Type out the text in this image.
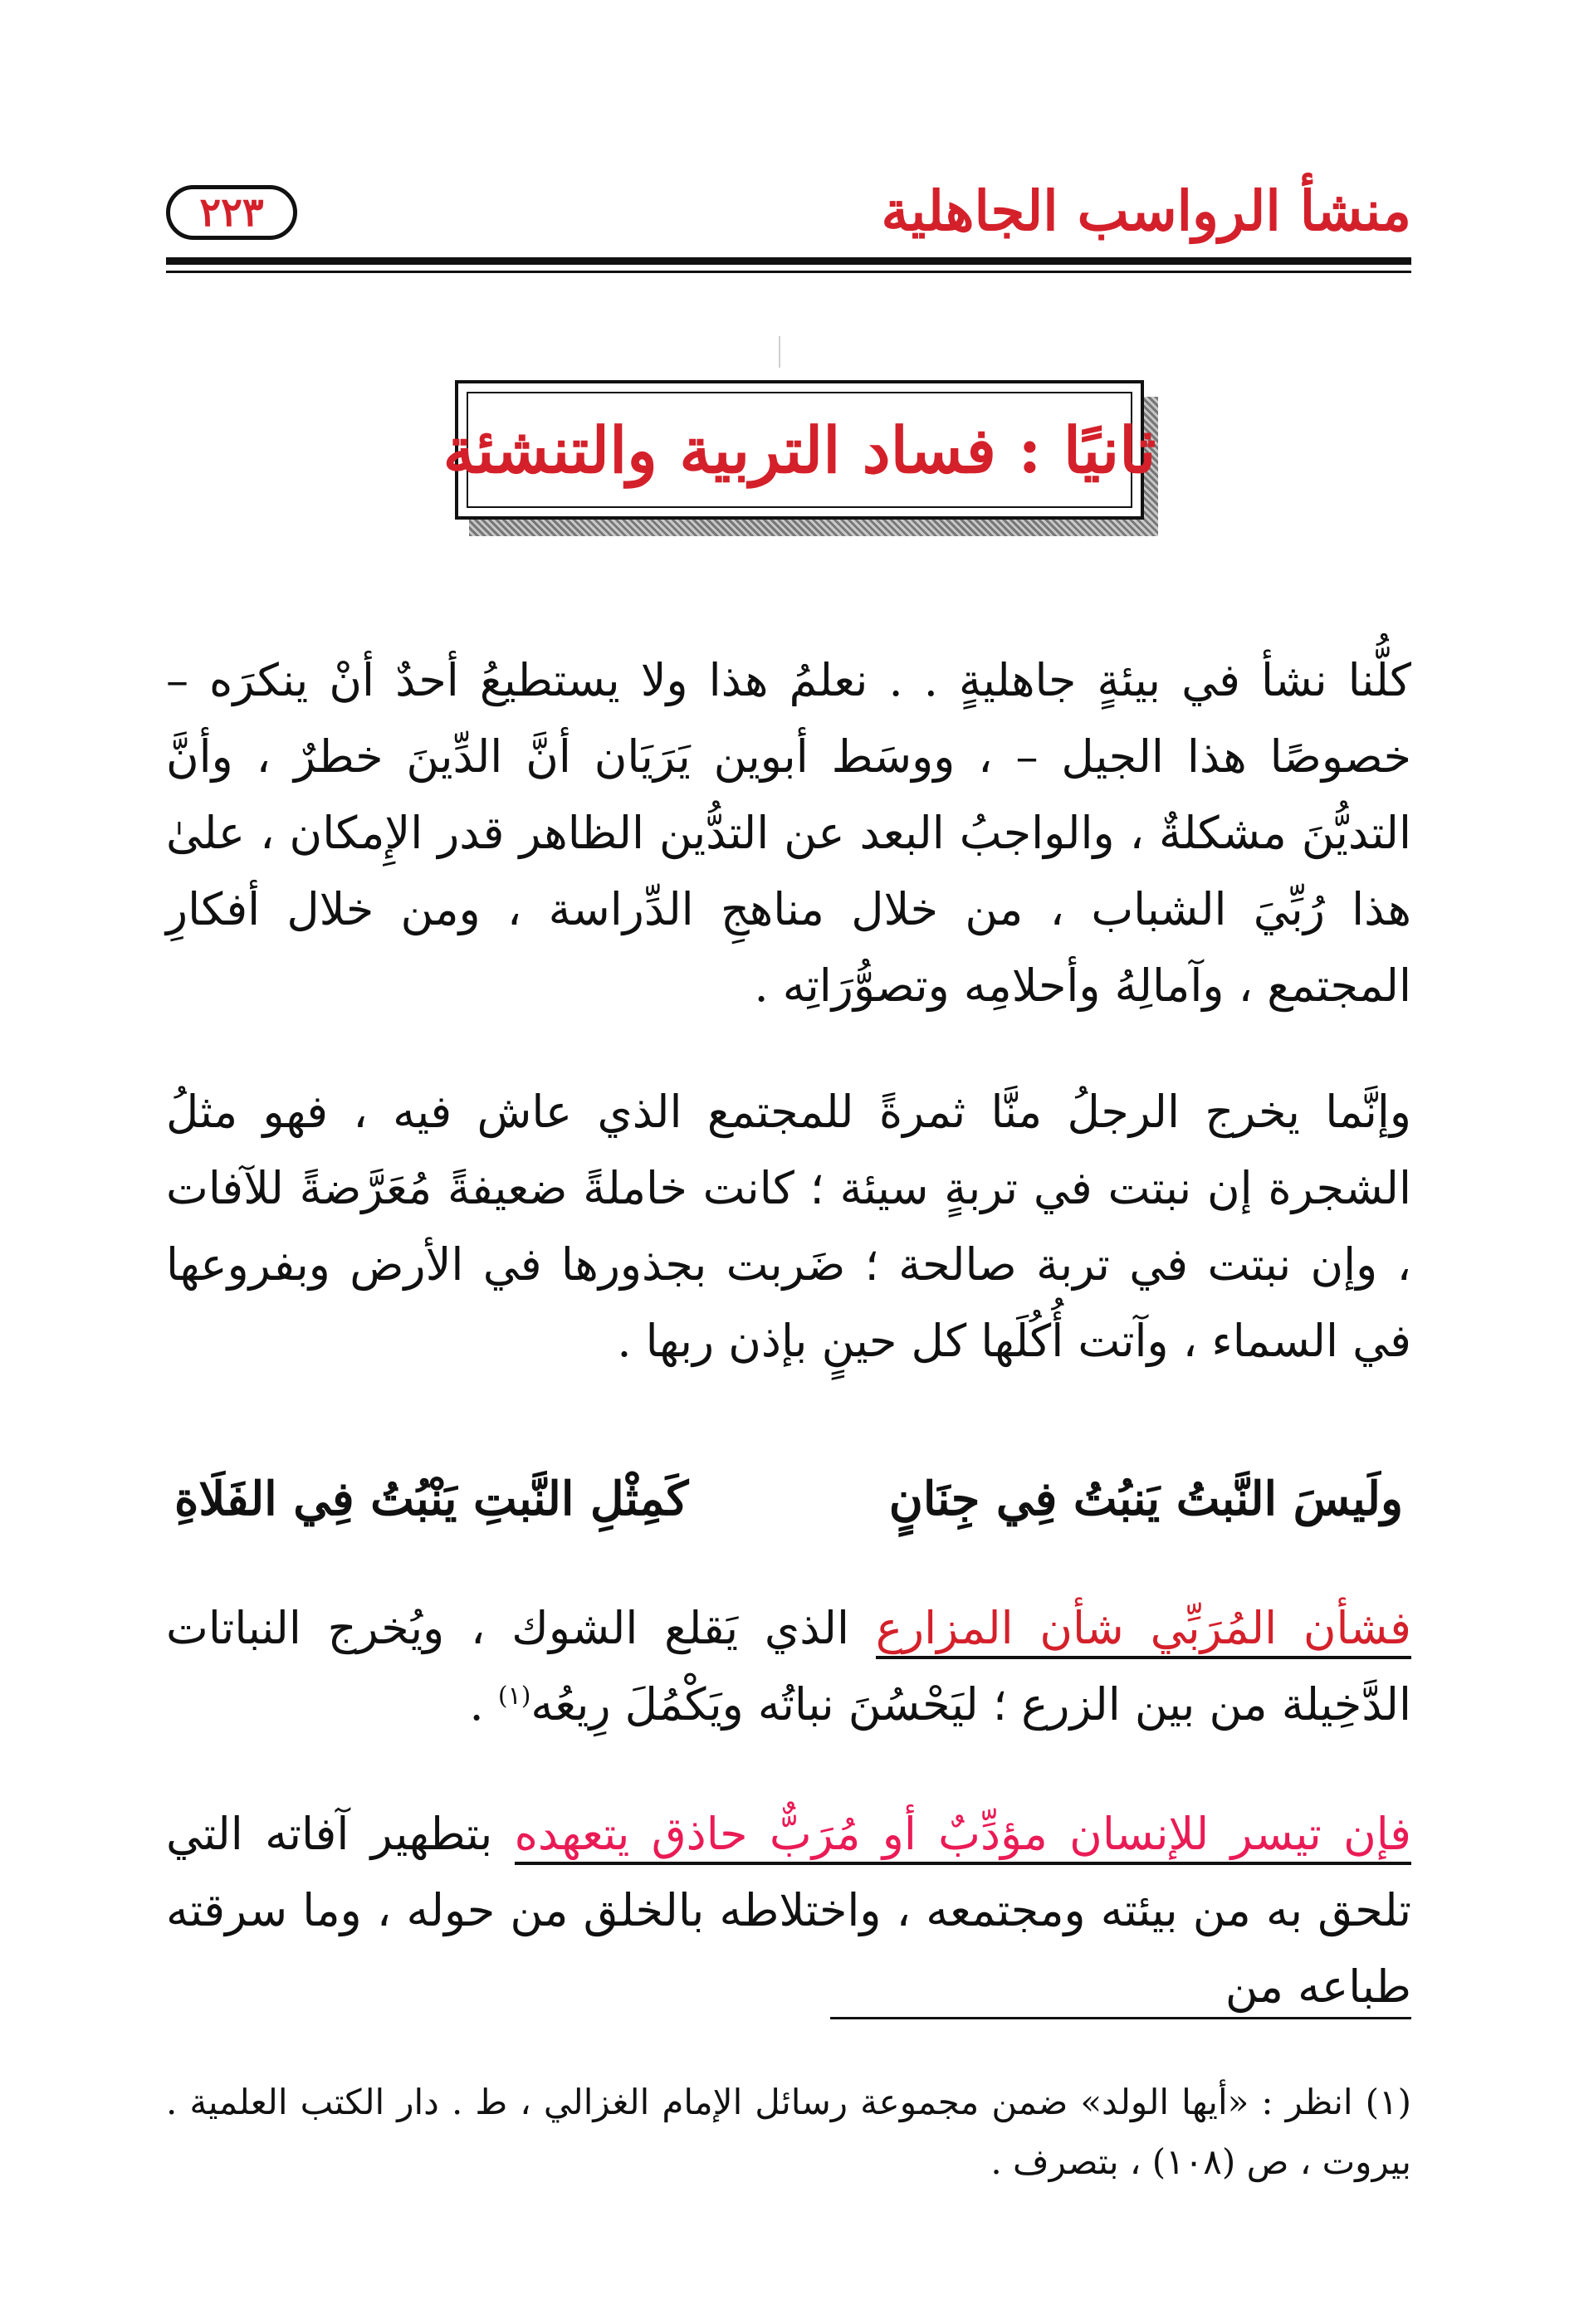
منشأ الرواسب الجاهلية
٢٢٣
ثانيًا : فساد التربية والتنشئة

كلُّنا نشأ في بيئةٍ جاهليةٍ . . نعلمُ هذا ولا يستطيعُ أحدٌ أنْ ينكرَه – خصوصًا هذا الجيل – ، ووسَط أبوين يَرَيَان أنَّ الدِّينَ خطرٌ ، وأنَّ التديُّنَ مشكلةٌ ، والواجبُ البعد عن التدُّين الظاهر قدر الإِمكان ، علىٰ هذا رُبِّيَ الشباب ، من خلال مناهجِ الدِّراسة ، ومن خلال أفكارِ المجتمع ، وآمالِهُ وأحلامِه وتصوُّرَاتِه .

وإنَّما يخرج الرجلُ منَّا ثمرةً للمجتمع الذي عاش فيه ، فهو مثلُ الشجرة إن نبتت في تربةٍ سيئة ؛ كانت خاملةً ضعيفةً مُعَرَّضةً للآفات ، وإن نبتت في تربة صالحة ؛ ضَربت بجذورها في الأرض وبفروعها في السماء ، وآتت أُكُلَها كل حينٍ بإذن ربها .

ولَيسَ النَّبتُ يَنبُتُ فِي جِنَانٍ
كَمِثْلِ النَّبتِ يَنْبُتُ فِي الفَلَاةِ

فشأن المُرَبِّي شأن المزارع الذي يَقلع الشوك ، ويُخرج النباتات الدَّخِيلة من بين الزرع ؛ ليَحْسُنَ نباتُه ويَكْمُلَ رِيعُه$^{(١)}$ .

فإن تيسر للإنسان مؤدِّبٌ أو مُرَبٌّ حاذق يتعهده بتطهير آفاته التي تلحق به من بيئته ومجتمعه ، واختلاطه بالخلق من حوله ، وما سرقته طباعه من

(١) انظر : «أيها الولد» ضمن مجموعة رسائل الإمام الغزالي ، ط . دار الكتب العلمية . بيروت ، ص (١٠٨) ، بتصرف .
